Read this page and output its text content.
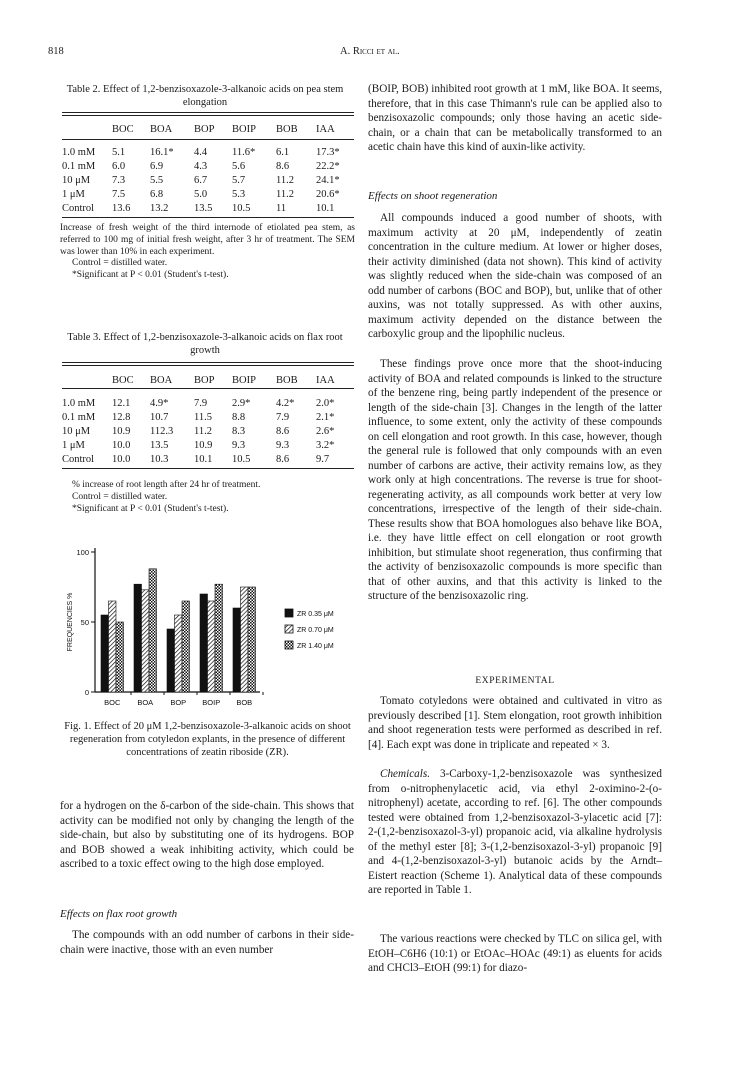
818	A. Ricci et al.
Table 2. Effect of 1,2-benzisoxazole-3-alkanoic acids on pea stem elongation
	BOC	BOA	BOP	BOIP	BOB	IAA
1.0 mM	5.1	16.1*	4.4	11.6*	6.1	17.3*
0.1 mM	6.0	6.9	4.3	5.6	8.6	22.2*
10 μM	7.3	5.5	6.7	5.7	11.2	24.1*
1 μM	7.5	6.8	5.0	5.3	11.2	20.6*
Control	13.6	13.2	13.5	10.5	11	10.1
Increase of fresh weight of the third internode of etiolated pea stem, as referred to 100 mg of initial fresh weight, after 3 hr of treatment. The SEM was lower than 10% in each experiment.
Control = distilled water.
*Significant at P < 0.01 (Student's t-test).
Table 3. Effect of 1,2-benzisoxazole-3-alkanoic acids on flax root growth
	BOC	BOA	BOP	BOIP	BOB	IAA
1.0 mM	12.1	4.9*	7.9	2.9*	4.2*	2.0*
0.1 mM	12.8	10.7	11.5	8.8	7.9	2.1*
10 μM	10.9	112.3	11.2	8.3	8.6	2.6*
1 μM	10.0	13.5	10.9	9.3	9.3	3.2*
Control	10.0	10.3	10.1	10.5	8.6	9.7
% increase of root length after 24 hr of treatment.
Control = distilled water.
*Significant at P < 0.01 (Student's t-test).
0
50
100
FREQUENCIES %
BOC BOA BOP BOIP BOB
ZR 0.35 μM
ZR 0.70 μM
ZR 1.40 μM
Fig. 1. Effect of 20 μM 1,2-benzisoxazole-3-alkanoic acids on shoot regeneration from cotyledon explants, in the presence of different concentrations of zeatin riboside (ZR).

for a hydrogen on the δ-carbon of the side-chain. This shows that activity can be modified not only by changing the length of the side-chain, but also by substituting one of its hydrogens. BOP and BOB showed a weak inhibiting activity, which could be ascribed to a toxic effect owing to the high dose employed.

Effects on flax root growth

The compounds with an odd number of carbons in their side-chain were inactive, those with an even number

(BOIP, BOB) inhibited root growth at 1 mM, like BOA. It seems, therefore, that in this case Thimann's rule can be applied also to benzisoxazolic compounds; only those having an acetic side-chain, or a chain that can be metabolically transformed to an acetic chain have this kind of auxin-like activity.

Effects on shoot regeneration

All compounds induced a good number of shoots, with maximum activity at 20 μM, independently of zeatin concentration in the culture medium. At lower or higher doses, their activity diminished (data not shown). This kind of activity was slightly reduced when the side-chain was composed of an odd number of carbons (BOC and BOP), but, unlike that of other auxins, was not totally suppressed. As with other auxins, maximum activity depended on the distance between the carboxylic group and the lipophilic nucleus.

These findings prove once more that the shoot-inducing activity of BOA and related compounds is linked to the structure of the benzene ring, being partly independent of the presence or length of the side-chain [3]. Changes in the length of the latter influence, to some extent, only the activity of these compounds on cell elongation and root growth. In this case, however, though the general rule is followed that only compounds with an even number of carbons are active, their activity remains low, as they work only at high concentrations. The reverse is true for shoot-regenerating activity, as all compounds work better at very low concentrations, irrespective of the length of their side-chain. These results show that BOA homologues also behave like BOA, i.e. they have little effect on cell elongation or root growth inhibition, but stimulate shoot regeneration, thus confirming that the activity of benzisoxazolic compounds is more specific than that of other auxins, and that this activity is linked to the structure of the benzisoxazolic ring.

EXPERIMENTAL

Tomato cotyledons were obtained and cultivated in vitro as previously described [1]. Stem elongation, root growth inhibition and shoot regeneration tests were performed as described in ref. [4]. Each expt was done in triplicate and repeated × 3.

Chemicals. 3-Carboxy-1,2-benzisoxazole was synthesized from o-nitrophenylacetic acid, via ethyl 2-oximino-2-(o-nitrophenyl) acetate, according to ref. [6]. The other compounds tested were obtained from 1,2-benzisoxazol-3-ylacetic acid [7]: 2-(1,2-benzisoxazol-3-yl) propanoic acid, via alkaline hydrolysis of the methyl ester [8]; 3-(1,2-benzisoxazol-3-yl) propanoic [9] and 4-(1,2-benzisoxazol-3-yl) butanoic acids by the Arndt–Eistert reaction (Scheme 1). Analytical data of these compounds are reported in Table 1.

The various reactions were checked by TLC on silica gel, with EtOH–C6H6 (10:1) or EtOAc–HOAc (49:1) as eluents for acids and CHCl3–EtOH (99:1) for diazo-
